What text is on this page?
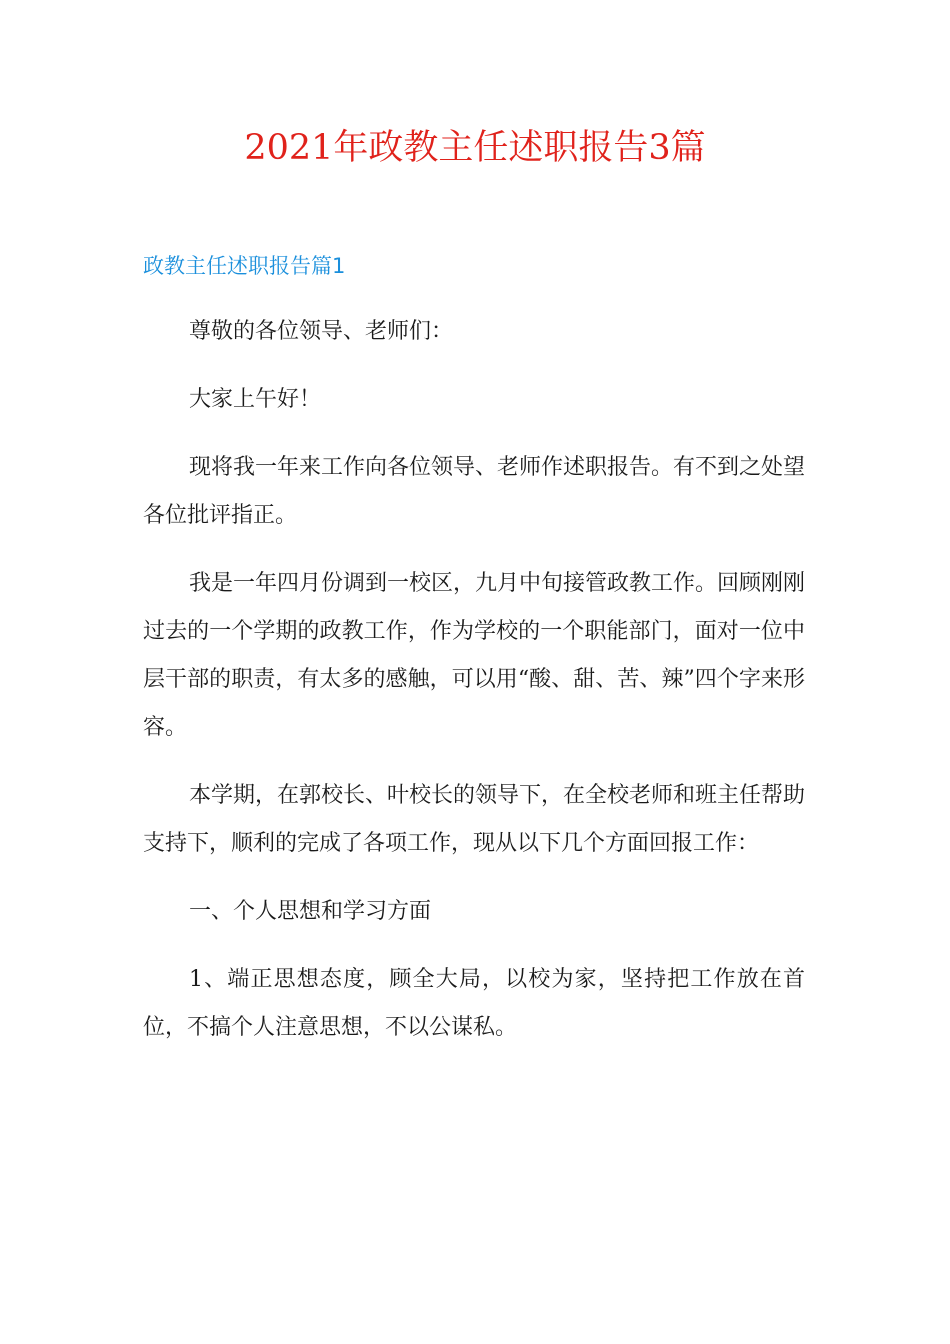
2021年政教主任述职报告3篇
政教主任述职报告篇1

尊敬的各位领导、老师们：

大家上午好！

现将我一年来工作向各位领导、老师作述职报告。有不到之处望各位批评指正。

我是一年四月份调到一校区，九月中旬接管政教工作。回顾刚刚过去的一个学期的政教工作，作为学校的一个职能部门，面对一位中层干部的职责，有太多的感触，可以用“酸、甜、苦、辣”四个字来形容。

本学期，在郭校长、叶校长的领导下，在全校老师和班主任帮助支持下，顺利的完成了各项工作，现从以下几个方面回报工作：

一、个人思想和学习方面

1、端正思想态度，顾全大局，以校为家，坚持把工作放在首位，不搞个人注意思想，不以公谋私。
